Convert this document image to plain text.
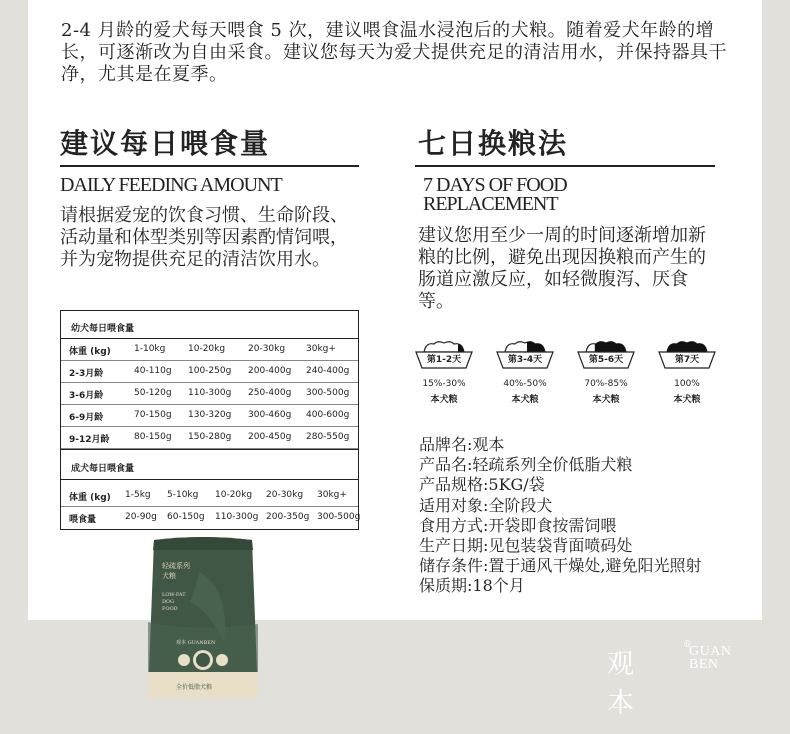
2-4 月龄的爱犬每天喂食 5 次，建议喂食温水浸泡后的犬粮。随着爱犬年龄的增长，可逐渐改为自由采食。建议您每天为爱犬提供充足的清洁用水，并保持器具干净，尤其是在夏季。
建议每日喂食量
DAILY FEEDING AMOUNT
请根据爱宠的饮食习惯、生命阶段、活动量和体型类别等因素酌情饲喂，并为宠物提供充足的清洁饮用水。
幼犬每日喂食量
体重 (kg)	1-10kg	10-20kg	20-30kg 30kg+
2-3月龄	40-110g 100-250g 200-400g 240-400g
3-6月龄	50-120g 110-300g 250-400g 300-500g
6-9月龄	70-150g 130-320g 300-460g 400-600g
9-12月龄	80-150g 150-280g 200-450g 280-550g
成犬每日喂食量
体重 (kg) 1-5kg 5-10kg 10-20kg 20-30kg 30kg+
喂食量	20-90g 60-150g 110-300g 200-350g 300-500g
七日换粮法
7 DAYS OF FOOD
REPLACEMENT
建议您用至少一周的时间逐渐增加新粮的比例，避免出现因换粮而产生的肠道应激反应，如轻微腹泻、厌食等。
第1-2天
15%-30%
本犬粮
第3-4天
40%-50%
本犬粮
第5-6天
70%-85%
本犬粮
第7天
100%
本犬粮
品牌名:观本
产品名:轻疏系列全价低脂犬粮
产品规格:5KG/袋
适用对象:全阶段犬
食用方式:开袋即食按需饲喂
生产日期:见包装袋背面喷码处
储存条件:置于通风干燥处,避免阳光照射
保质期:18个月
轻疏系列
犬粮
LOW-FAT
DOG
FOOD
观本 GUANBEN
全价低脂犬粮
观本
®
GUAN
BEN
